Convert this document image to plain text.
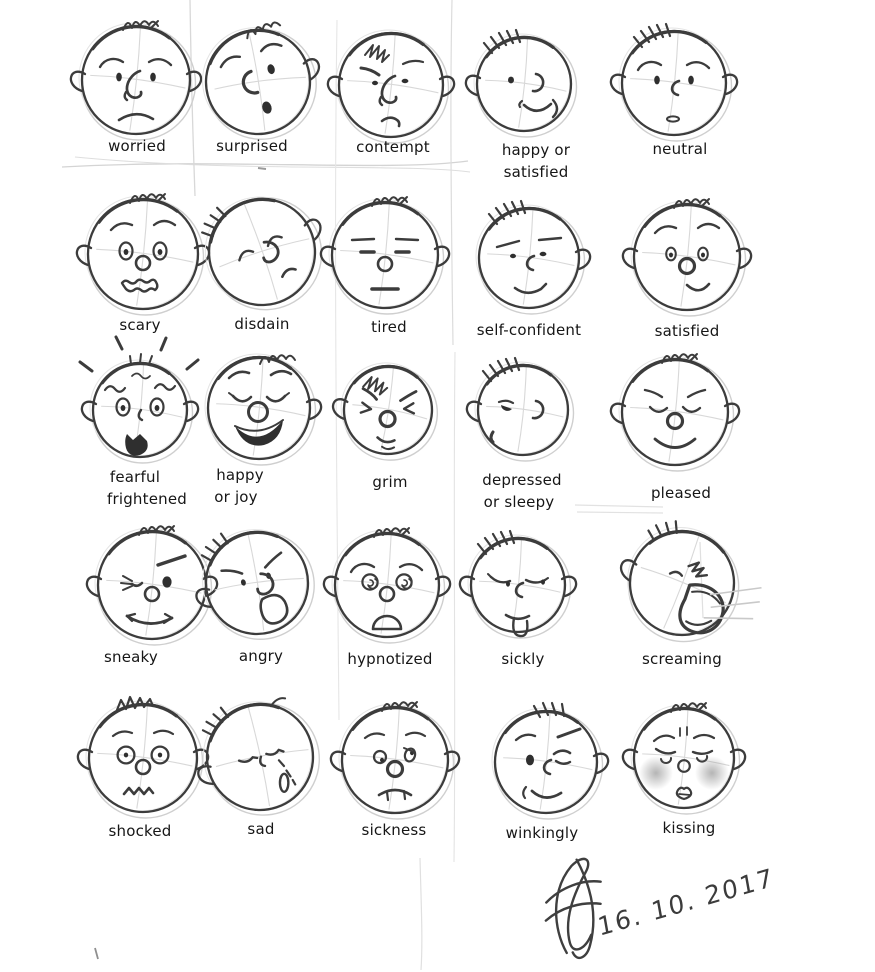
worried	surprised	contempt	happy or
satisfied
neutral
scary	disdain	tired	self-confident	satisfied
fearful
frightened
happy
or joy
grim	depressed
or sleepy	pleased
sneaky	angry	hypnotized	sickly	screaming
shocked	sad	sickness	winkingly	kissing
16. 10. 2017
